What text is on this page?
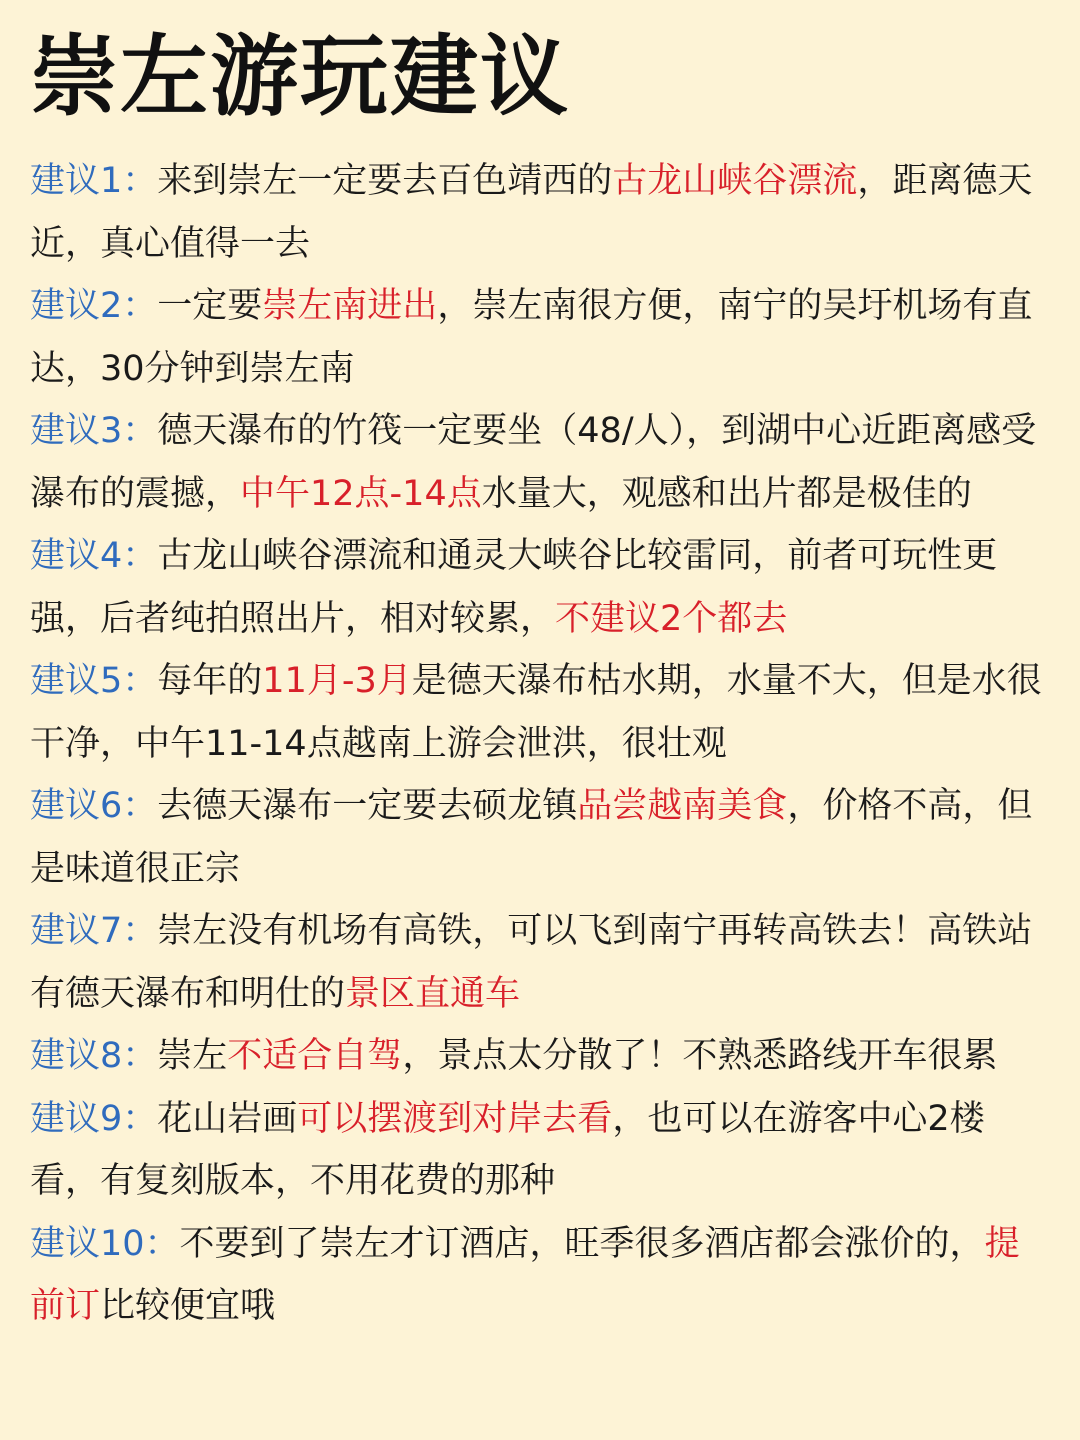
崇左游玩建议
建议1：来到崇左一定要去百色靖西的古龙山峡谷漂流，距离德天近，真心值得一去
建议2：一定要崇左南进出，崇左南很方便，南宁的吴圩机场有直达，30分钟到崇左南
建议3：德天瀑布的竹筏一定要坐（48/人），到湖中心近距离感受瀑布的震撼，中午12点-14点水量大，观感和出片都是极佳的
建议4：古龙山峡谷漂流和通灵大峡谷比较雷同，前者可玩性更强，后者纯拍照出片，相对较累，不建议2个都去
建议5：每年的11月-3月是德天瀑布枯水期，水量不大，但是水很干净，中午11-14点越南上游会泄洪，很壮观
建议6：去德天瀑布一定要去硕龙镇品尝越南美食，价格不高，但是味道很正宗
建议7：崇左没有机场有高铁，可以飞到南宁再转高铁去！高铁站有德天瀑布和明仕的景区直通车
建议8：崇左不适合自驾，景点太分散了！不熟悉路线开车很累
建议9：花山岩画可以摆渡到对岸去看，也可以在游客中心2楼看，有复刻版本，不用花费的那种
建议10：不要到了崇左才订酒店，旺季很多酒店都会涨价的，提前订比较便宜哦
